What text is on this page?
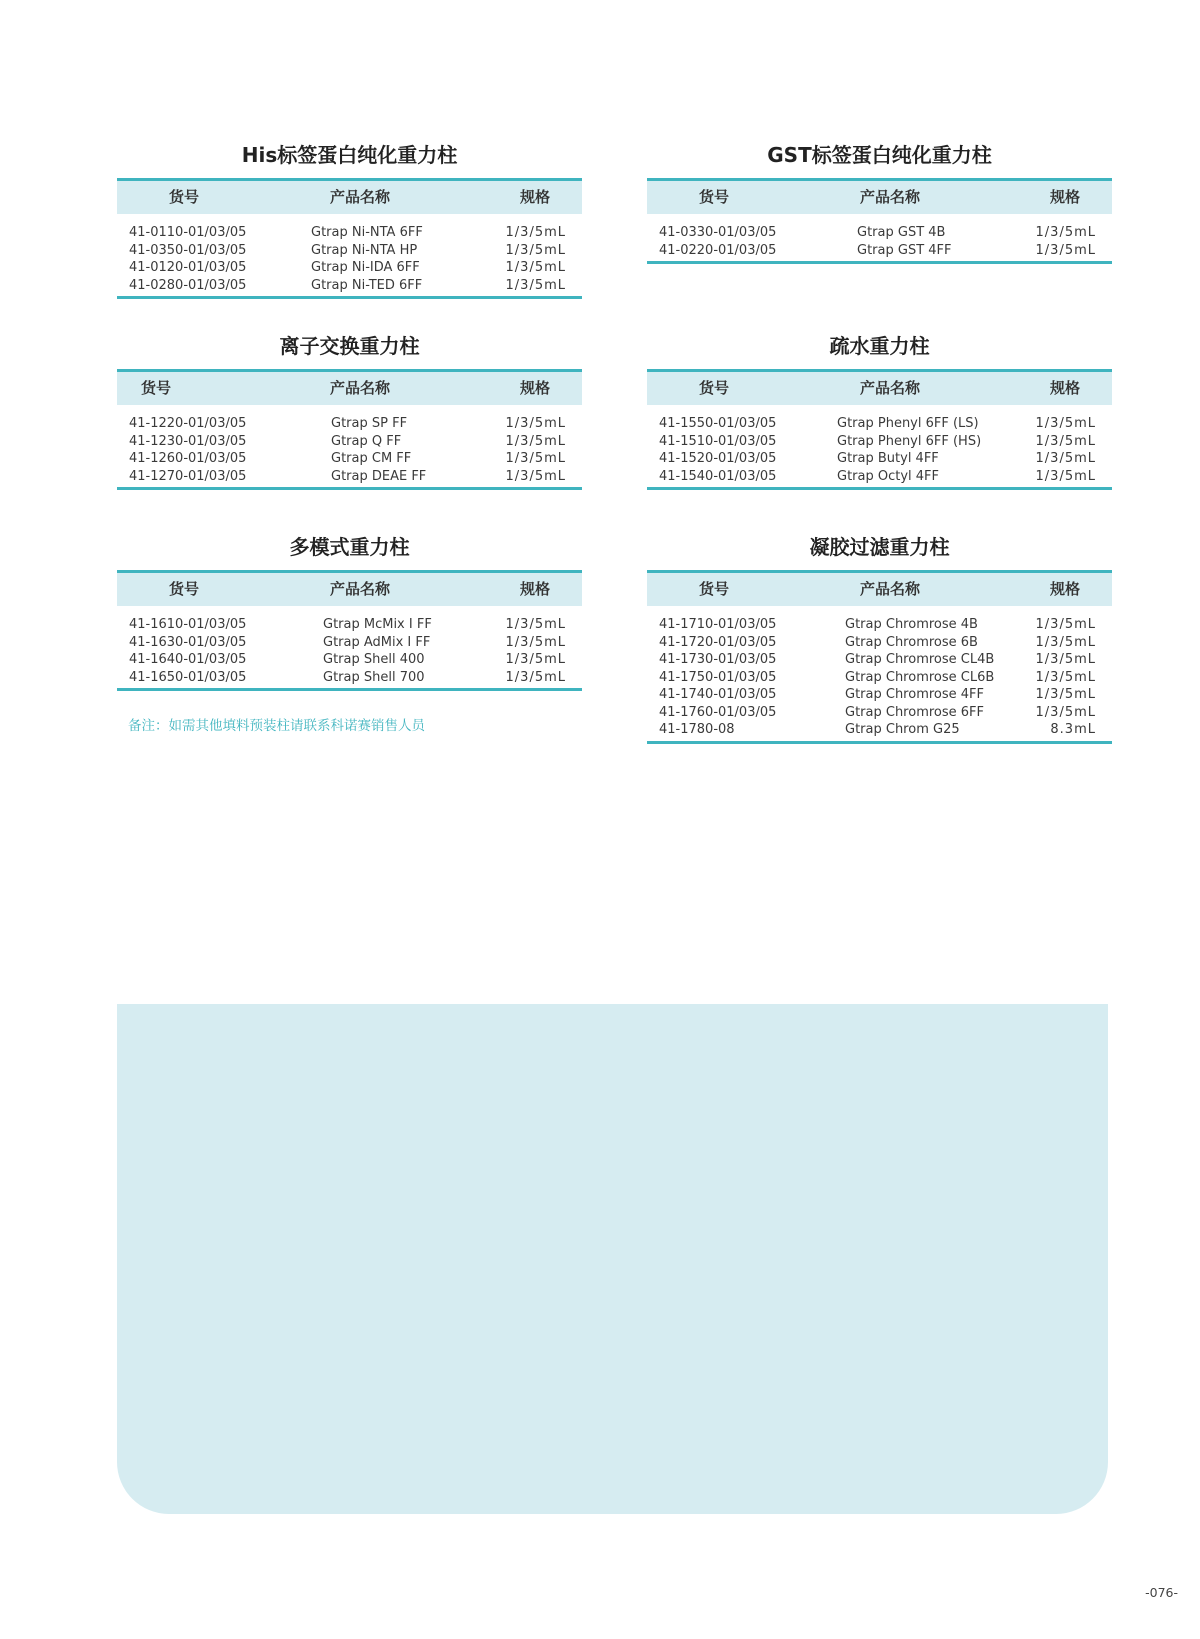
His标签蛋白纯化重力柱
货号	产品名称	规格
41-0110-01/03/05	Gtrap Ni-NTA 6FF	1/3/5mL
41-0350-01/03/05	Gtrap Ni-NTA HP	1/3/5mL
41-0120-01/03/05	Gtrap Ni-IDA 6FF	1/3/5mL
41-0280-01/03/05	Gtrap Ni-TED 6FF	1/3/5mL
GST标签蛋白纯化重力柱
货号	产品名称	规格
41-0330-01/03/05	Gtrap GST 4B	1/3/5mL
41-0220-01/03/05	Gtrap GST 4FF	1/3/5mL
离子交换重力柱
货号	产品名称	规格
41-1220-01/03/05	Gtrap SP FF	1/3/5mL
41-1230-01/03/05	Gtrap Q FF	1/3/5mL
41-1260-01/03/05	Gtrap CM FF	1/3/5mL
41-1270-01/03/05	Gtrap DEAE FF	1/3/5mL
疏水重力柱
货号	产品名称	规格
41-1550-01/03/05	Gtrap Phenyl 6FF (LS)	1/3/5mL
41-1510-01/03/05	Gtrap Phenyl 6FF (HS)	1/3/5mL
41-1520-01/03/05	Gtrap Butyl 4FF	1/3/5mL
41-1540-01/03/05	Gtrap Octyl 4FF	1/3/5mL
多模式重力柱
货号	产品名称	规格
41-1610-01/03/05	Gtrap McMix Ⅰ FF	1/3/5mL
41-1630-01/03/05	Gtrap AdMix Ⅰ FF	1/3/5mL
41-1640-01/03/05	Gtrap Shell 400	1/3/5mL
41-1650-01/03/05	Gtrap Shell 700	1/3/5mL
凝胶过滤重力柱
货号	产品名称	规格
41-1710-01/03/05	Gtrap Chromrose 4B	1/3/5mL
41-1720-01/03/05	Gtrap Chromrose 6B	1/3/5mL
41-1730-01/03/05	Gtrap Chromrose CL4B	1/3/5mL
41-1750-01/03/05	Gtrap Chromrose CL6B	1/3/5mL
41-1740-01/03/05	Gtrap Chromrose 4FF	1/3/5mL
41-1760-01/03/05	Gtrap Chromrose 6FF	1/3/5mL
41-1780-08	Gtrap Chrom G25	8.3mL
备注：如需其他填料预装柱请联系科诺赛销售人员
-076-
